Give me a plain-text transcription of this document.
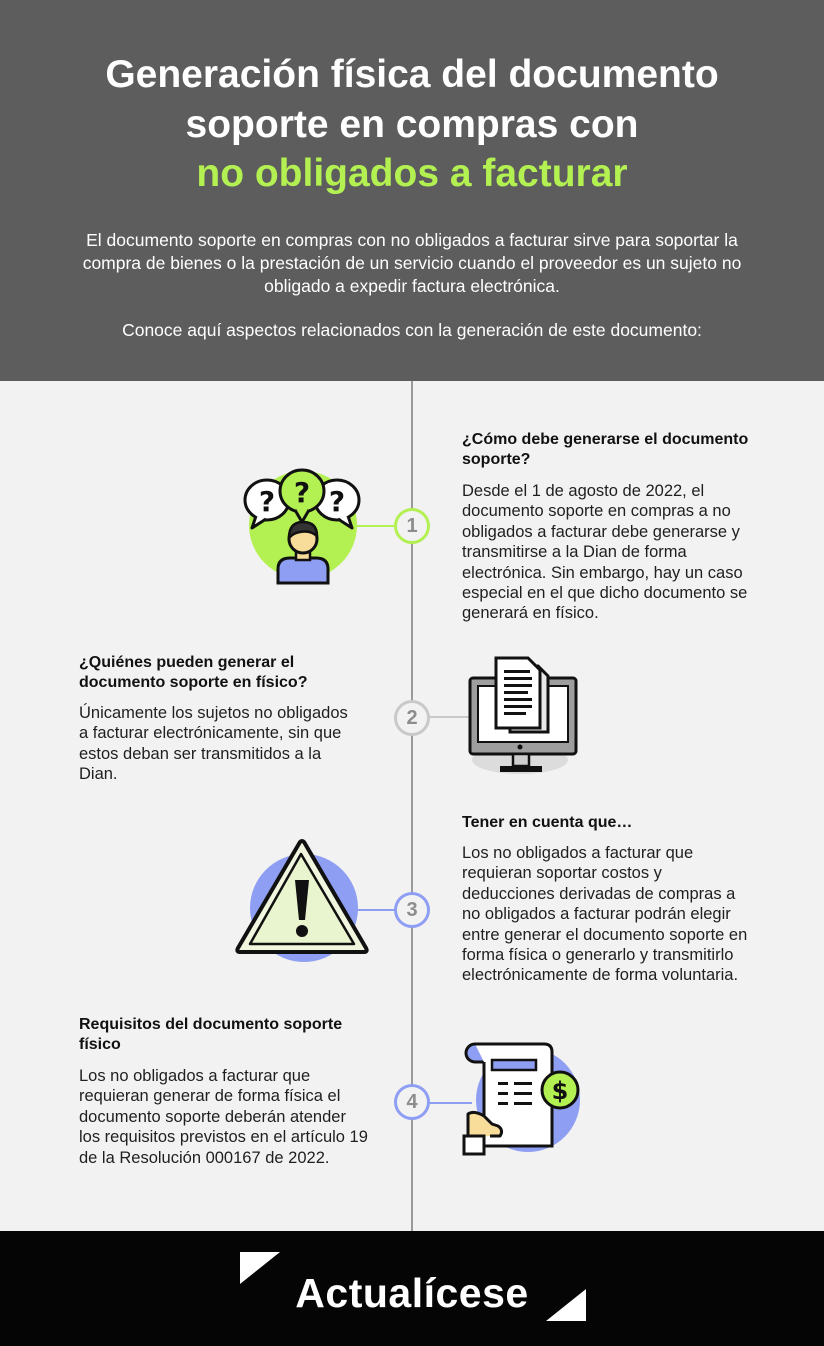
Generación física del documento
soporte en compras con
no obligados a facturar
El documento soporte en compras con no obligados a facturar sirve para soportar la compra de bienes o la prestación de un servicio cuando el proveedor es un sujeto no obligado a expedir factura electrónica.
Conoce aquí aspectos relacionados con la generación de este documento:
1
¿Cómo debe generarse el documento soporte?
Desde el 1 de agosto de 2022, el documento soporte en compras a no obligados a facturar debe generarse y transmitirse a la Dian de forma electrónica. Sin embargo, hay un caso especial en el que dicho documento se generará en físico.
? ?
?
2
¿Quiénes pueden generar el documento soporte en físico?
Únicamente los sujetos no obligados a facturar electrónicamente, sin que estos deban ser transmitidos a la Dian.
3
Tener en cuenta que…
Los no obligados a facturar que requieran soportar costos y deducciones derivadas de compras a no obligados a facturar podrán elegir entre generar el documento soporte en forma física o generarlo y transmitirlo electrónicamente de forma voluntaria.
4
Requisitos del documento soporte físico
Los no obligados a facturar que requieran generar de forma física el documento soporte deberán atender los requisitos previstos en el artículo 19 de la Resolución 000167 de 2022.
$
Actualícese
